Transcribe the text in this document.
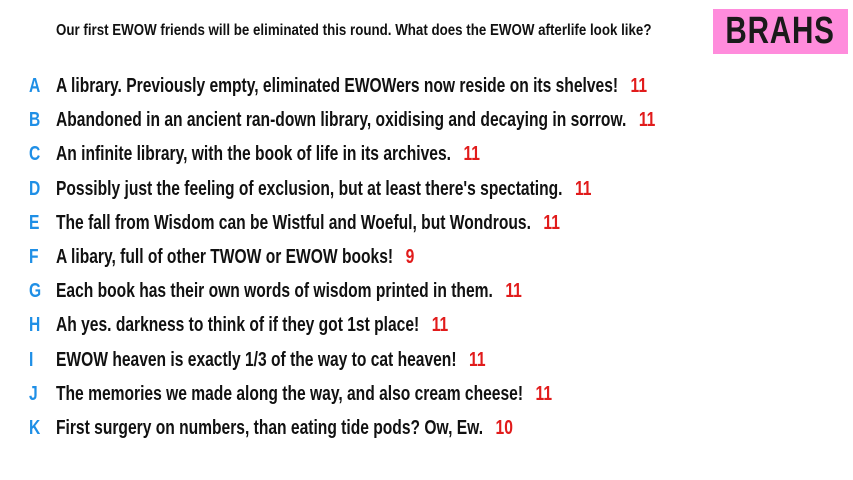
Our first EWOW friends will be eliminated this round. What does the EWOW afterlife look like? BRAHS
A A library. Previously empty, eliminated EWOWers now reside on its shelves! 11
B Abandoned in an ancient ran-down library, oxidising and decaying in sorrow. 11
C An infinite library, with the book of life in its archives. 11
D Possibly just the feeling of exclusion, but at least there's spectating. 11
E The fall from Wisdom can be Wistful and Woeful, but Wondrous. 11
F A libary, full of other TWOW or EWOW books! 9
G Each book has their own words of wisdom printed in them. 11
H Ah yes. darkness to think of if they got 1st place! 11
I EWOW heaven is exactly 1/3 of the way to cat heaven! 11
J The memories we made along the way, and also cream cheese! 11
K First surgery on numbers, than eating tide pods? Ow, Ew. 10
